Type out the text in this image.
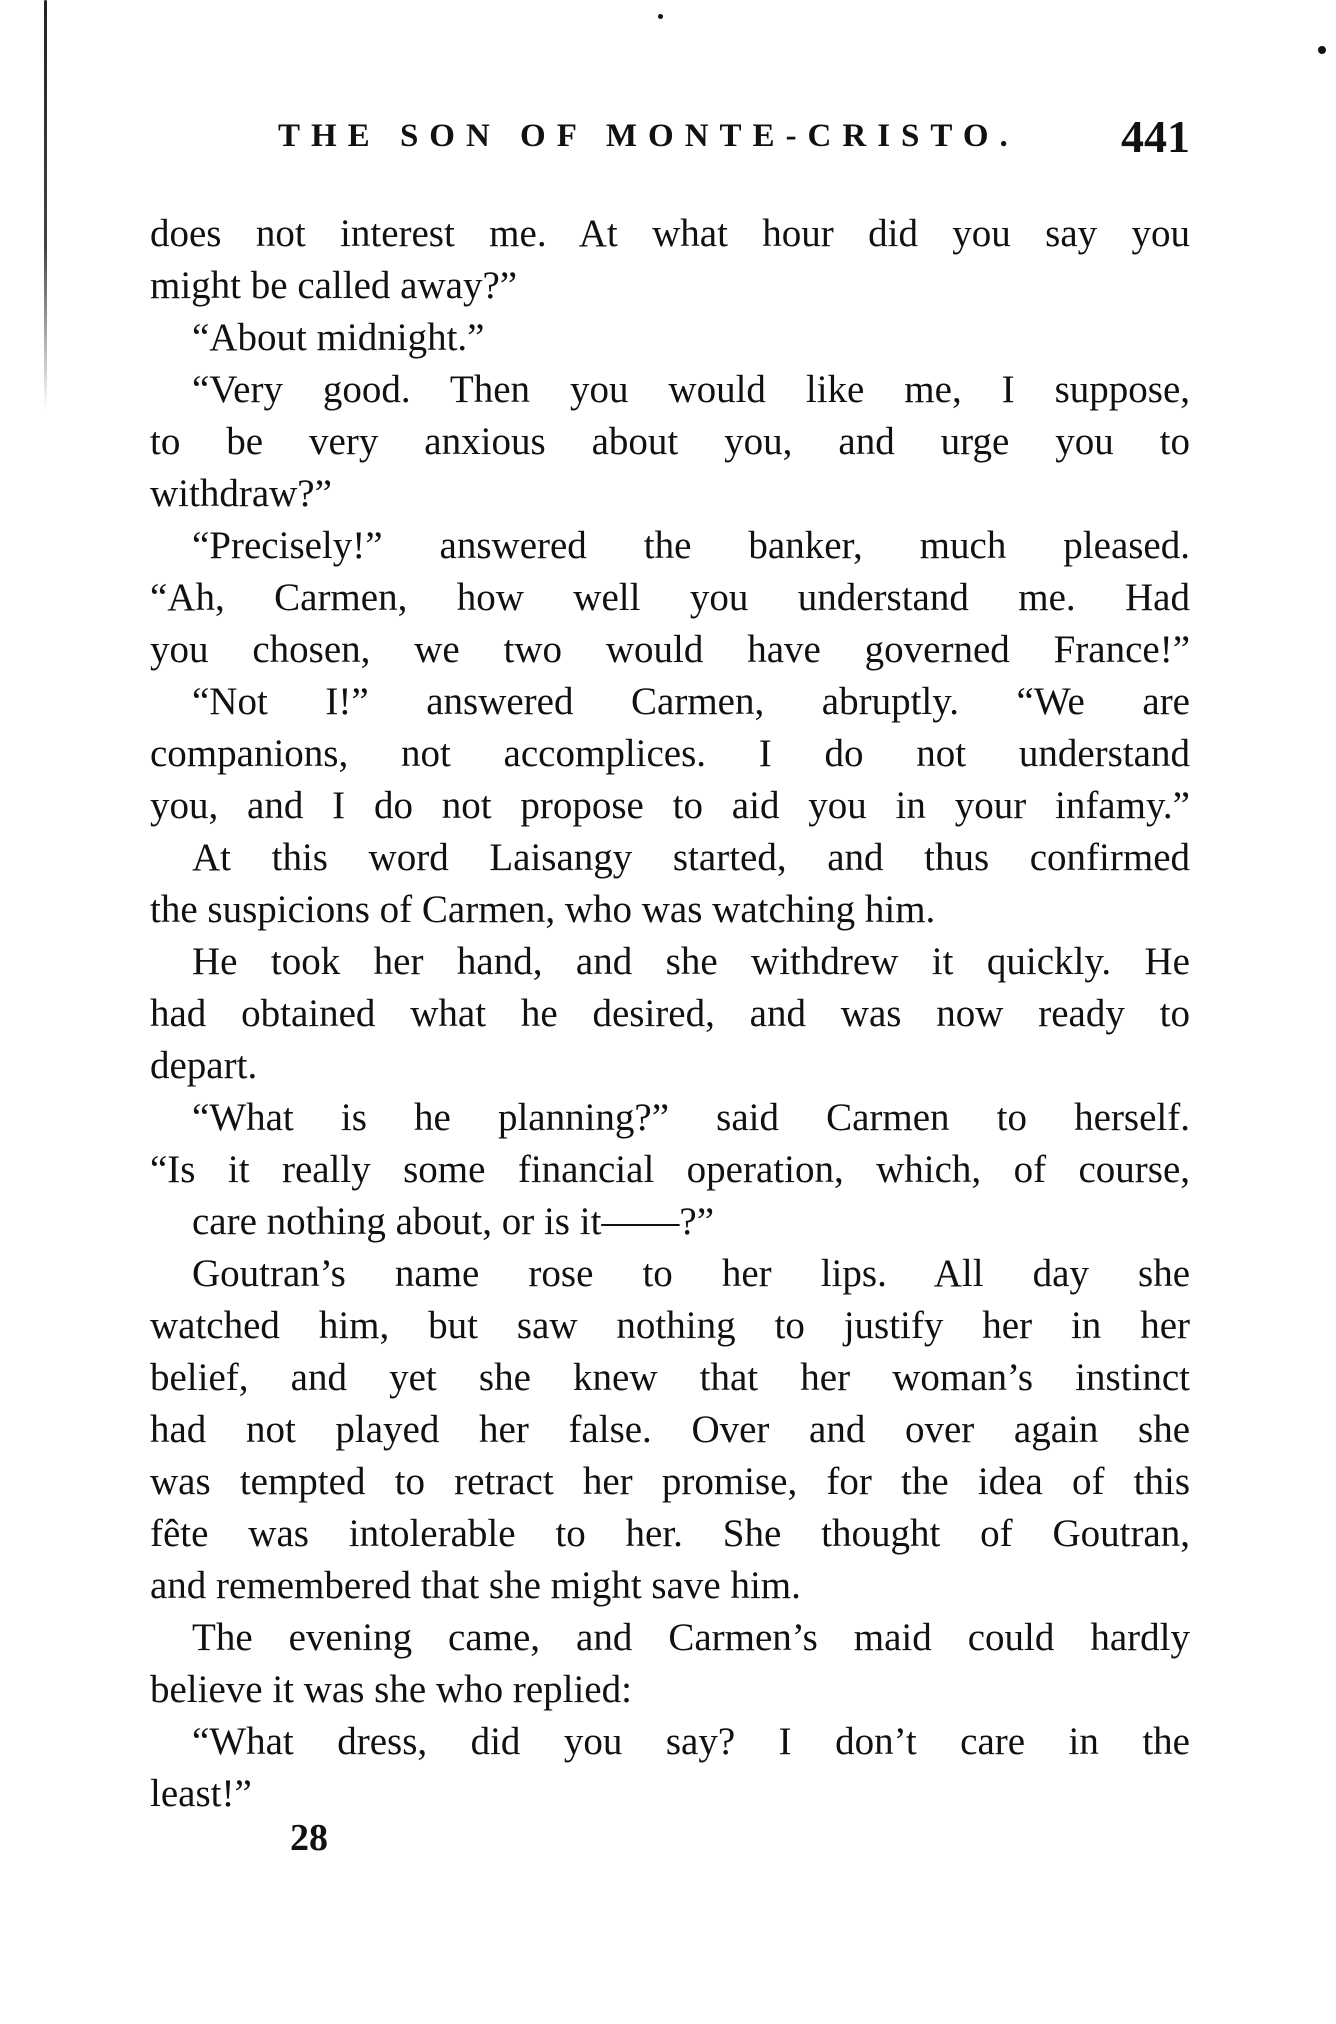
THE SON OF MONTE-CRISTO. 441
does not interest me. At what hour did you say you
might be called away?”
“About midnight.”
“Very good. Then you would like me, I suppose,
to be very anxious about you, and urge you to
withdraw?”
“Precisely!” answered the banker, much pleased.
“Ah, Carmen, how well you understand me. Had
you chosen, we two would have governed France!”
“Not I!” answered Carmen, abruptly. “We are
companions, not accomplices. I do not understand
you, and I do not propose to aid you in your infamy.”
At this word Laisangy started, and thus confirmed
the suspicions of Carmen, who was watching him.
He took her hand, and she withdrew it quickly. He
had obtained what he desired, and was now ready to
depart.
“What is he planning?” said Carmen to herself.
“Is it really some financial operation, which, of course,
care nothing about, or is it——?”
Goutran’s name rose to her lips. All day she
watched him, but saw nothing to justify her in her
belief, and yet she knew that her woman’s instinct
had not played her false. Over and over again she
was tempted to retract her promise, for the idea of this
fête was intolerable to her. She thought of Goutran,
and remembered that she might save him.
The evening came, and Carmen’s maid could hardly
believe it was she who replied:
“What dress, did you say? I don’t care in the
least!”
28
